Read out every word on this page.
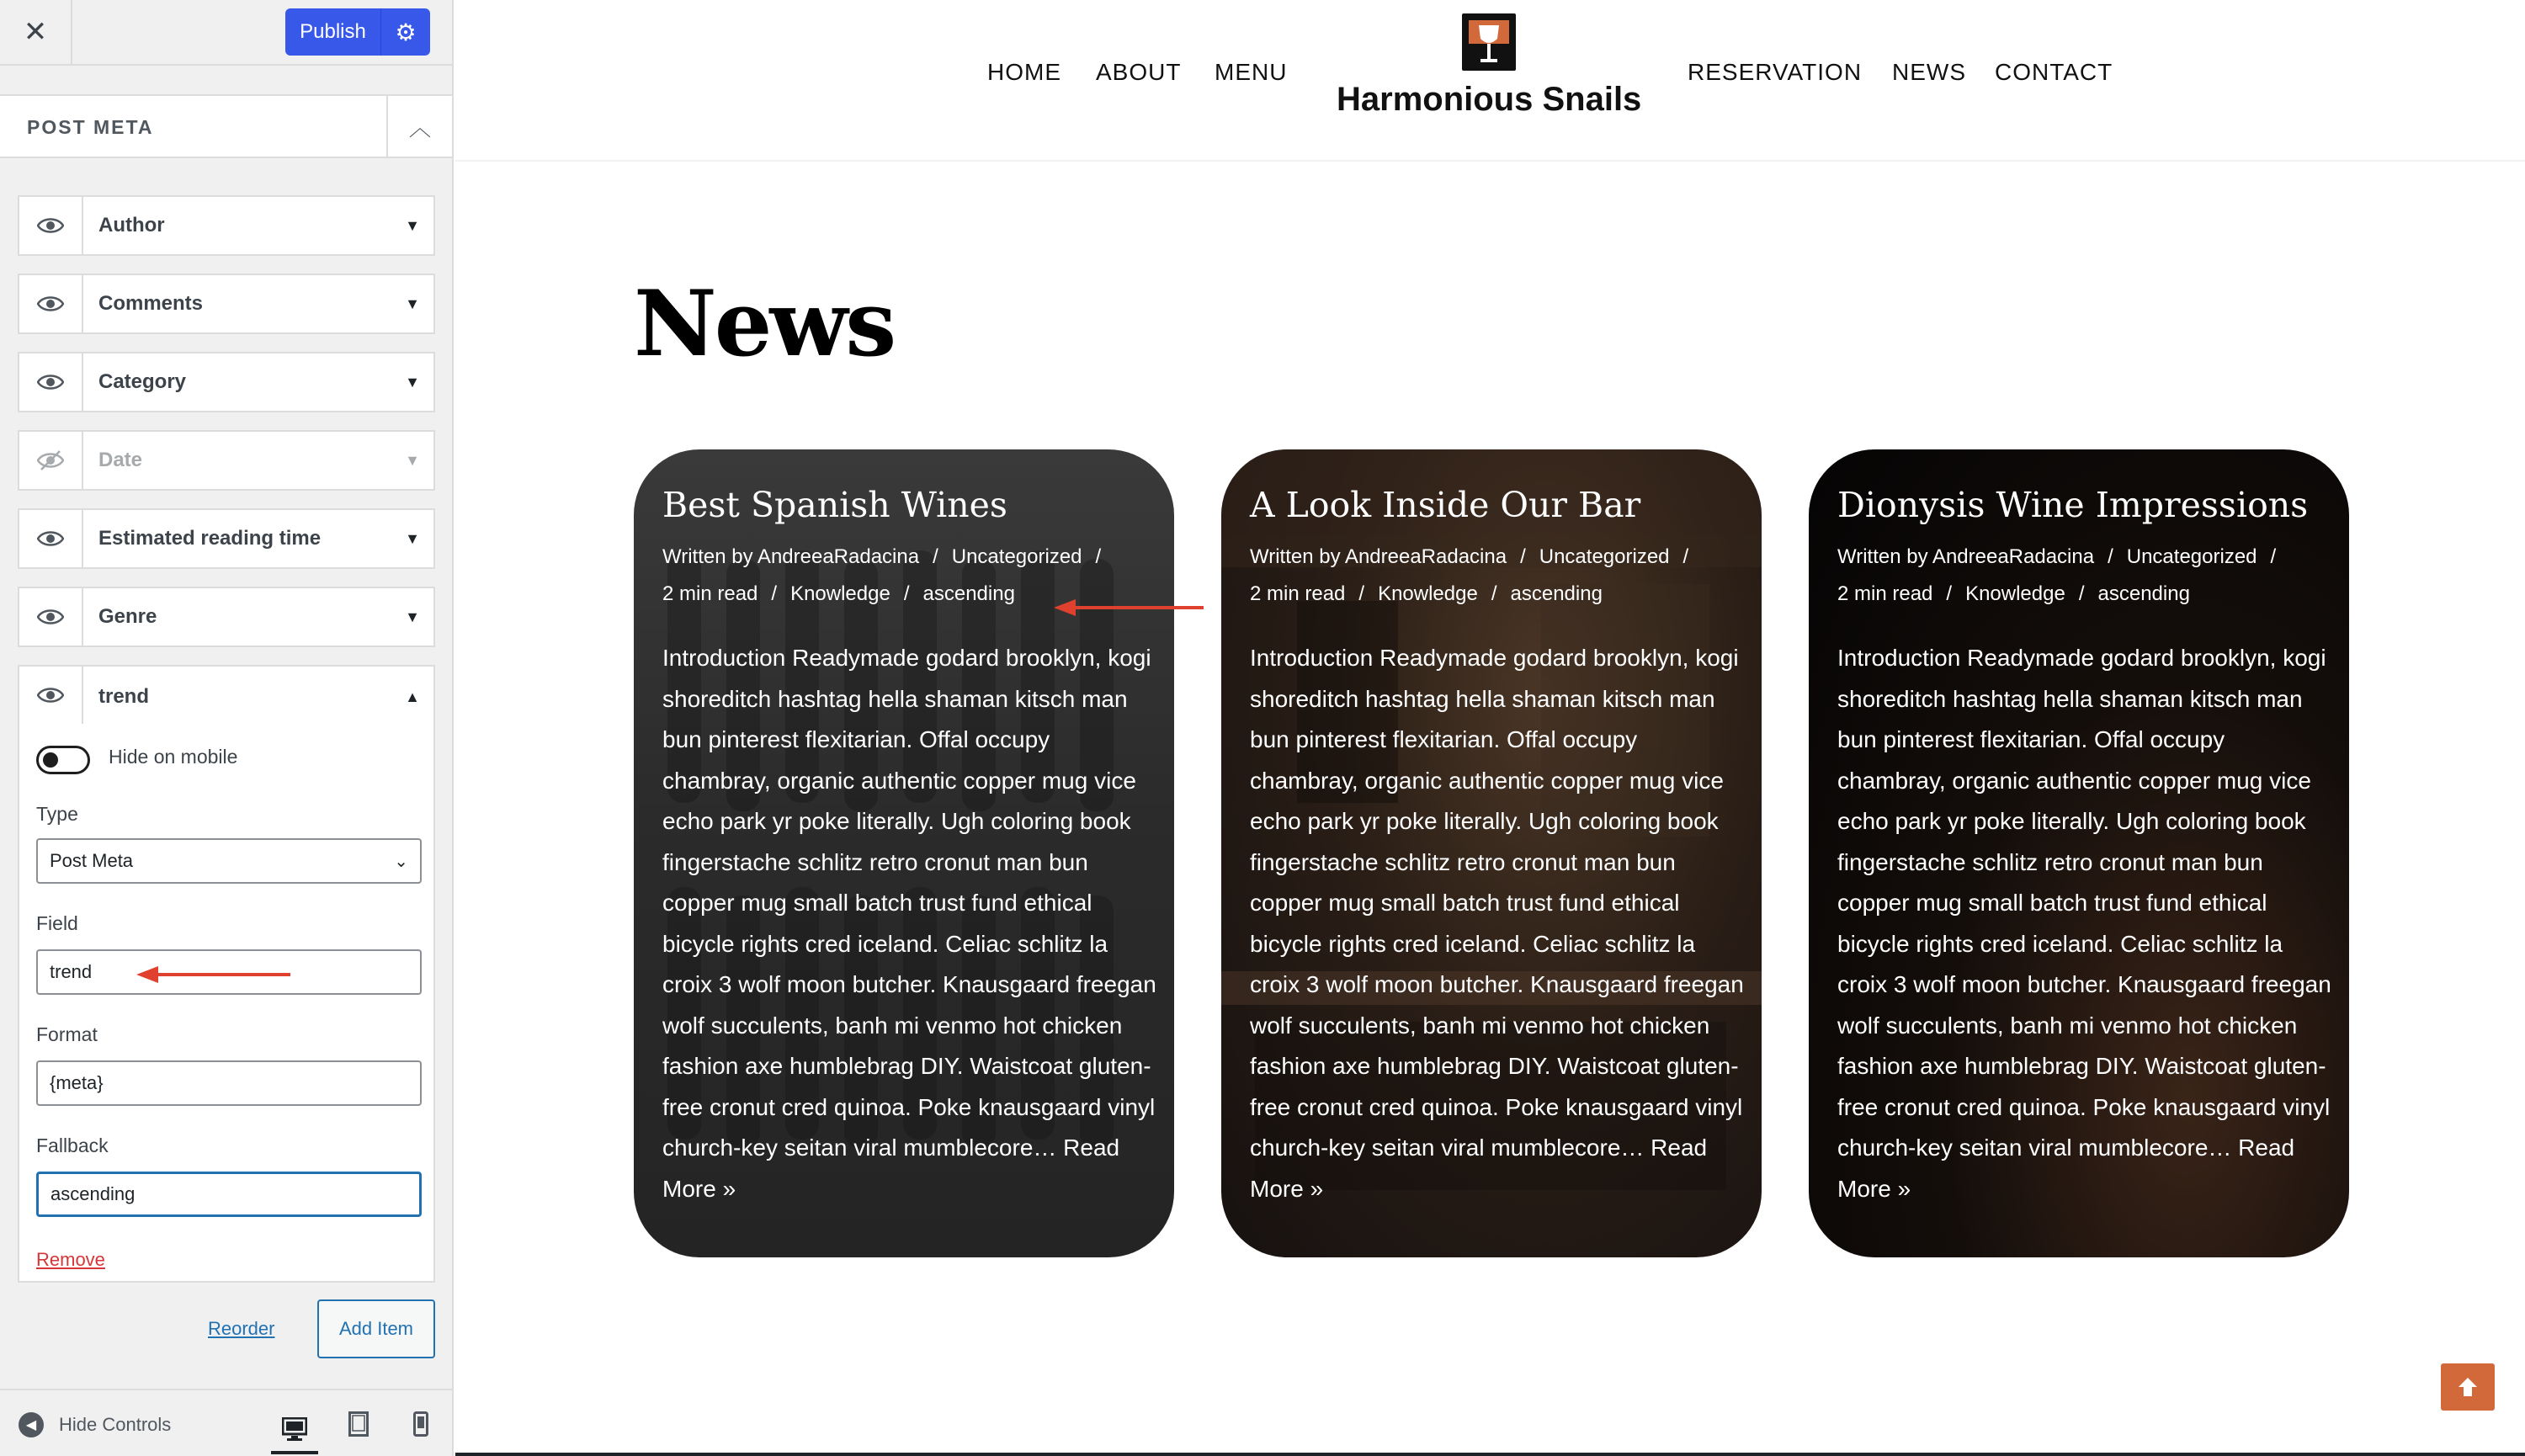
✕	Publish	⚙
POST META	︿
Author	▼
Comments	▼
Category	▼
Date	▼
Estimated reading time	▼
Genre	▼
trend	▲
Hide on mobile
Type
Post Meta	⌄
Field
trend
Format
{meta}
Fallback
ascending
Remove
Reorder	Add Item
◀	Hide Controls
HOME ABOUT MENU
Harmonious Snails
RESERVATION NEWS CONTACT
News
Best Spanish Wines
Written by AndreeaRadacina / Uncategorized /
2 min read / Knowledge / ascending
Introduction Readymade godard brooklyn, kogi shoreditch hashtag hella shaman kitsch man bun pinterest flexitarian. Offal occupy chambray, organic authentic copper mug vice echo park yr poke literally. Ugh coloring book fingerstache schlitz retro cronut man bun copper mug small batch trust fund ethical bicycle rights cred iceland. Celiac schlitz la croix 3 wolf moon butcher. Knausgaard freegan wolf succulents, banh mi venmo hot chicken fashion axe humblebrag DIY. Waistcoat gluten-free cronut cred quinoa. Poke knausgaard vinyl church-key seitan viral mumblecore… Read More »
A Look Inside Our Bar
Written by AndreeaRadacina / Uncategorized /
2 min read / Knowledge / ascending
Introduction Readymade godard brooklyn, kogi shoreditch hashtag hella shaman kitsch man bun pinterest flexitarian. Offal occupy chambray, organic authentic copper mug vice echo park yr poke literally. Ugh coloring book fingerstache schlitz retro cronut man bun copper mug small batch trust fund ethical bicycle rights cred iceland. Celiac schlitz la croix 3 wolf moon butcher. Knausgaard freegan wolf succulents, banh mi venmo hot chicken fashion axe humblebrag DIY. Waistcoat gluten-free cronut cred quinoa. Poke knausgaard vinyl church-key seitan viral mumblecore… Read More »
Dionysis Wine Impressions
Written by AndreeaRadacina / Uncategorized /
2 min read / Knowledge / ascending
Introduction Readymade godard brooklyn, kogi shoreditch hashtag hella shaman kitsch man bun pinterest flexitarian. Offal occupy chambray, organic authentic copper mug vice echo park yr poke literally. Ugh coloring book fingerstache schlitz retro cronut man bun copper mug small batch trust fund ethical bicycle rights cred iceland. Celiac schlitz la croix 3 wolf moon butcher. Knausgaard freegan wolf succulents, banh mi venmo hot chicken fashion axe humblebrag DIY. Waistcoat gluten-free cronut cred quinoa. Poke knausgaard vinyl church-key seitan viral mumblecore… Read More »
